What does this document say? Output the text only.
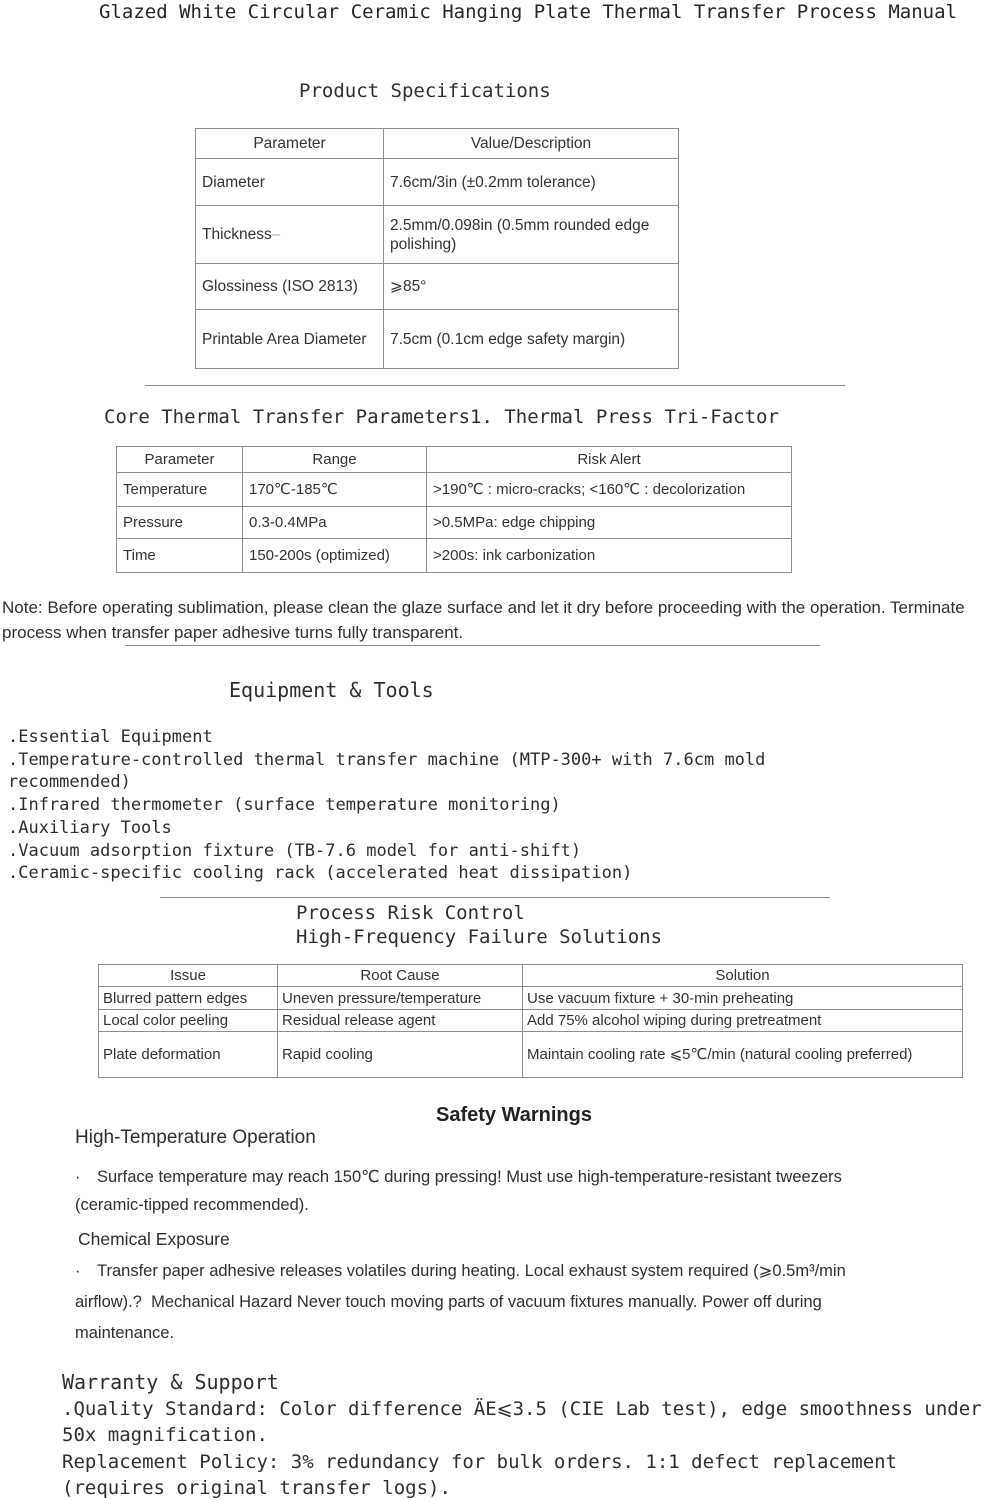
Glazed White Circular Ceramic Hanging Plate Thermal Transfer Process Manual
Product Specifications
Parameter	Value/Description
Diameter	7.6cm/3in (±0.2mm tolerance)
Thickness–	2.5mm/0.098in (0.5mm rounded edge polishing)
Glossiness (ISO 2813)	⩾85°
Printable Area Diameter	7.5cm (0.1cm edge safety margin)
Core Thermal Transfer Parameters1. Thermal Press Tri-Factor
Parameter	Range	Risk Alert
Temperature	170℃-185℃	>190℃ : micro-cracks; <160℃ : decolorization
Pressure	0.3-0.4MPa	>0.5MPa: edge chipping
Time	150-200s (optimized)	>200s: ink carbonization
Note: Before operating sublimation, please clean the glaze surface and let it dry before proceeding with the operation. Terminate process when transfer paper adhesive turns fully transparent.
Equipment & Tools
.Essential Equipment
.Temperature-controlled thermal transfer machine (MTP-300+ with 7.6cm mold
recommended)
.Infrared thermometer (surface temperature monitoring)
.Auxiliary Tools
.Vacuum adsorption fixture (TB-7.6 model for anti-shift)
.Ceramic-specific cooling rack (accelerated heat dissipation)
Process Risk Control
High-Frequency Failure Solutions
Issue	Root Cause	Solution
Blurred pattern edges	Uneven pressure/temperature	Use vacuum fixture + 30-min preheating
Local color peeling	Residual release agent	Add 75% alcohol wiping during pretreatment
Plate deformation	Rapid cooling	Maintain cooling rate ⩽5℃/min (natural cooling preferred)
Safety Warnings
High-Temperature Operation
· Surface temperature may reach 150℃ during pressing! Must use high-temperature-resistant tweezers
(ceramic-tipped recommended).
Chemical Exposure
· Transfer paper adhesive releases volatiles during heating. Local exhaust system required (⩾0.5m³/min
airflow).?  Mechanical Hazard Never touch moving parts of vacuum fixtures manually. Power off during
maintenance.
Warranty & Support
.Quality Standard: Color difference ÄE⩽3.5 (CIE Lab test), edge smoothness under
50x magnification.
Replacement Policy: 3% redundancy for bulk orders. 1:1 defect replacement
(requires original transfer logs).
